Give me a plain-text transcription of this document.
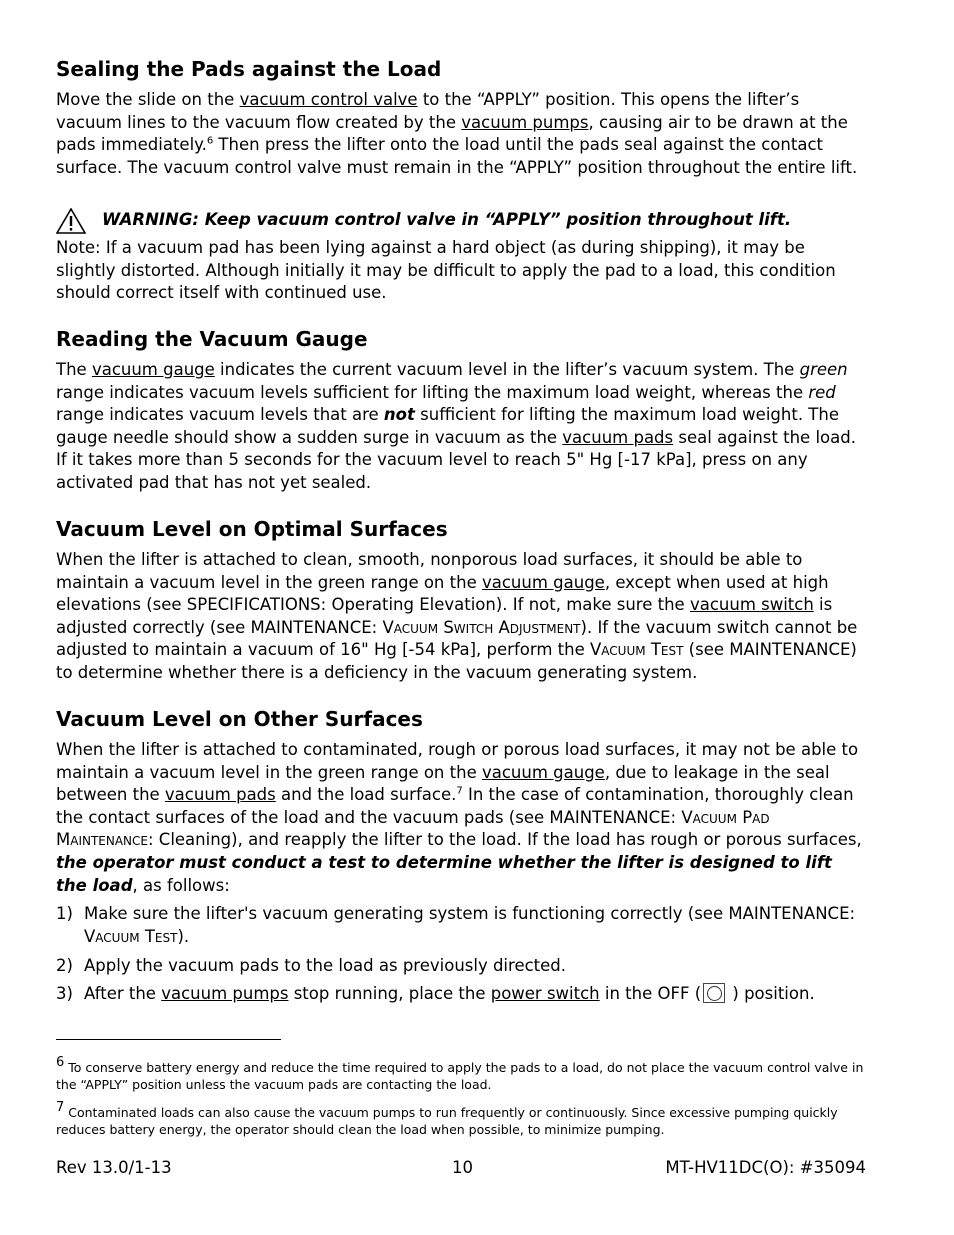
Sealing the Pads against the Load

Move the slide on the vacuum control valve to the “APPLY” position. This opens the lifter’s vacuum lines to the vacuum flow created by the vacuum pumps, causing air to be drawn at the pads immediately.$^6$ Then press the lifter onto the load until the pads seal against the contact surface. The vacuum control valve must remain in the “APPLY” position throughout the entire lift.

WARNING: Keep vacuum control valve in “APPLY” position throughout lift.

Note: If a vacuum pad has been lying against a hard object (as during shipping), it may be slightly distorted. Although initially it may be difficult to apply the pad to a load, this condition should correct itself with continued use.

Reading the Vacuum Gauge

The vacuum gauge indicates the current vacuum level in the lifter’s vacuum system. The green range indicates vacuum levels sufficient for lifting the maximum load weight, whereas the red range indicates vacuum levels that are not sufficient for lifting the maximum load weight. The gauge needle should show a sudden surge in vacuum as the vacuum pads seal against the load. If it takes more than 5 seconds for the vacuum level to reach 5" Hg [-17 kPa], press on any activated pad that has not yet sealed.

Vacuum Level on Optimal Surfaces

When the lifter is attached to clean, smooth, nonporous load surfaces, it should be able to maintain a vacuum level in the green range on the vacuum gauge, except when used at high elevations (see SPECIFICATIONS: Operating Elevation). If not, make sure the vacuum switch is adjusted correctly (see MAINTENANCE: Vacuum Switch Adjustment). If the vacuum switch cannot be adjusted to maintain a vacuum of 16" Hg [-54 kPa], perform the Vacuum Test (see MAINTENANCE) to determine whether there is a deficiency in the vacuum generating system.

Vacuum Level on Other Surfaces

When the lifter is attached to contaminated, rough or porous load surfaces, it may not be able to maintain a vacuum level in the green range on the vacuum gauge, due to leakage in the seal between the vacuum pads and the load surface.$^7$ In the case of contamination, thoroughly clean the contact surfaces of the load and the vacuum pads (see MAINTENANCE: Vacuum Pad Maintenance: Cleaning), and reapply the lifter to the load. If the load has rough or porous surfaces, the operator must conduct a test to determine whether the lifter is designed to lift the load, as follows:

1) Make sure the lifter's vacuum generating system is functioning correctly (see MAINTENANCE: Vacuum Test).
2) Apply the vacuum pads to the load as previously directed.
3) After the vacuum pumps stop running, place the power switch in the OFF ( ) position.
$^6$ To conserve battery energy and reduce the time required to apply the pads to a load, do not place the vacuum control valve in the “APPLY” position unless the vacuum pads are contacting the load.
$^7$ Contaminated loads can also cause the vacuum pumps to run frequently or continuously. Since excessive pumping quickly reduces battery energy, the operator should clean the load when possible, to minimize pumping.
Rev 13.0/1-13	10	MT-HV11DC(O): #35094
